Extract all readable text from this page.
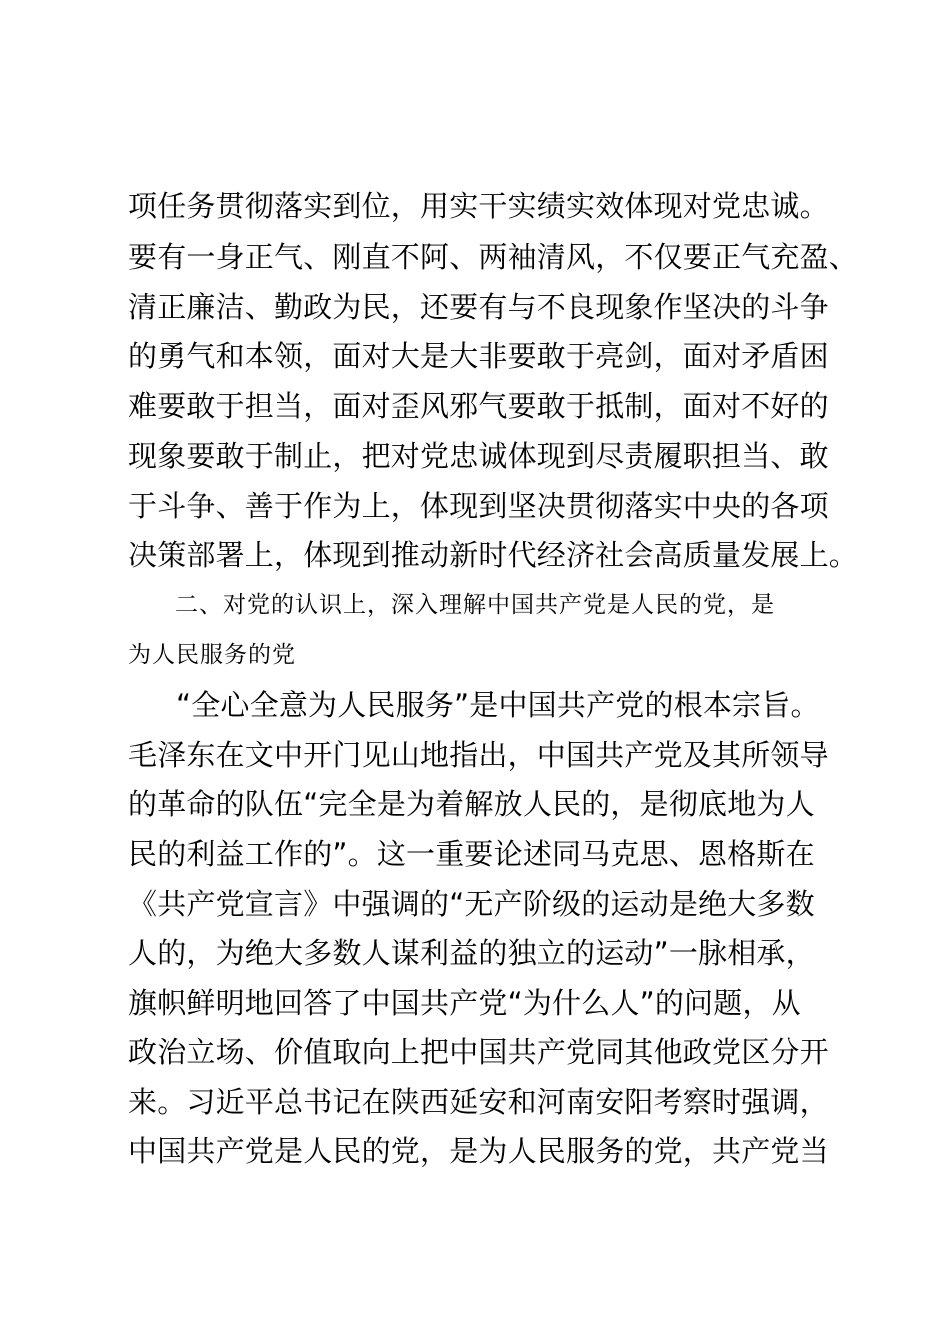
项任务贯彻落实到位，用实干实绩实效体现对党忠诚。
要有一身正气、刚直不阿、两袖清风，不仅要正气充盈、
清正廉洁、勤政为民，还要有与不良现象作坚决的斗争
的勇气和本领，面对大是大非要敢于亮剑，面对矛盾困
难要敢于担当，面对歪风邪气要敢于抵制，面对不好的
现象要敢于制止，把对党忠诚体现到尽责履职担当、敢
于斗争、善于作为上，体现到坚决贯彻落实中央的各项
决策部署上，体现到推动新时代经济社会高质量发展上。
二、对党的认识上，深入理解中国共产党是人民的党，是
为人民服务的党
“全心全意为人民服务”是中国共产党的根本宗旨。
毛泽东在文中开门见山地指出，中国共产党及其所领导
的革命的队伍“完全是为着解放人民的，是彻底地为人
民的利益工作的”。这一重要论述同马克思、恩格斯在
《共产党宣言》中强调的“无产阶级的运动是绝大多数
人的，为绝大多数人谋利益的独立的运动”一脉相承，
旗帜鲜明地回答了中国共产党“为什么人”的问题，从
政治立场、价值取向上把中国共产党同其他政党区分开
来。习近平总书记在陕西延安和河南安阳考察时强调，
中国共产党是人民的党，是为人民服务的党，共产党当
